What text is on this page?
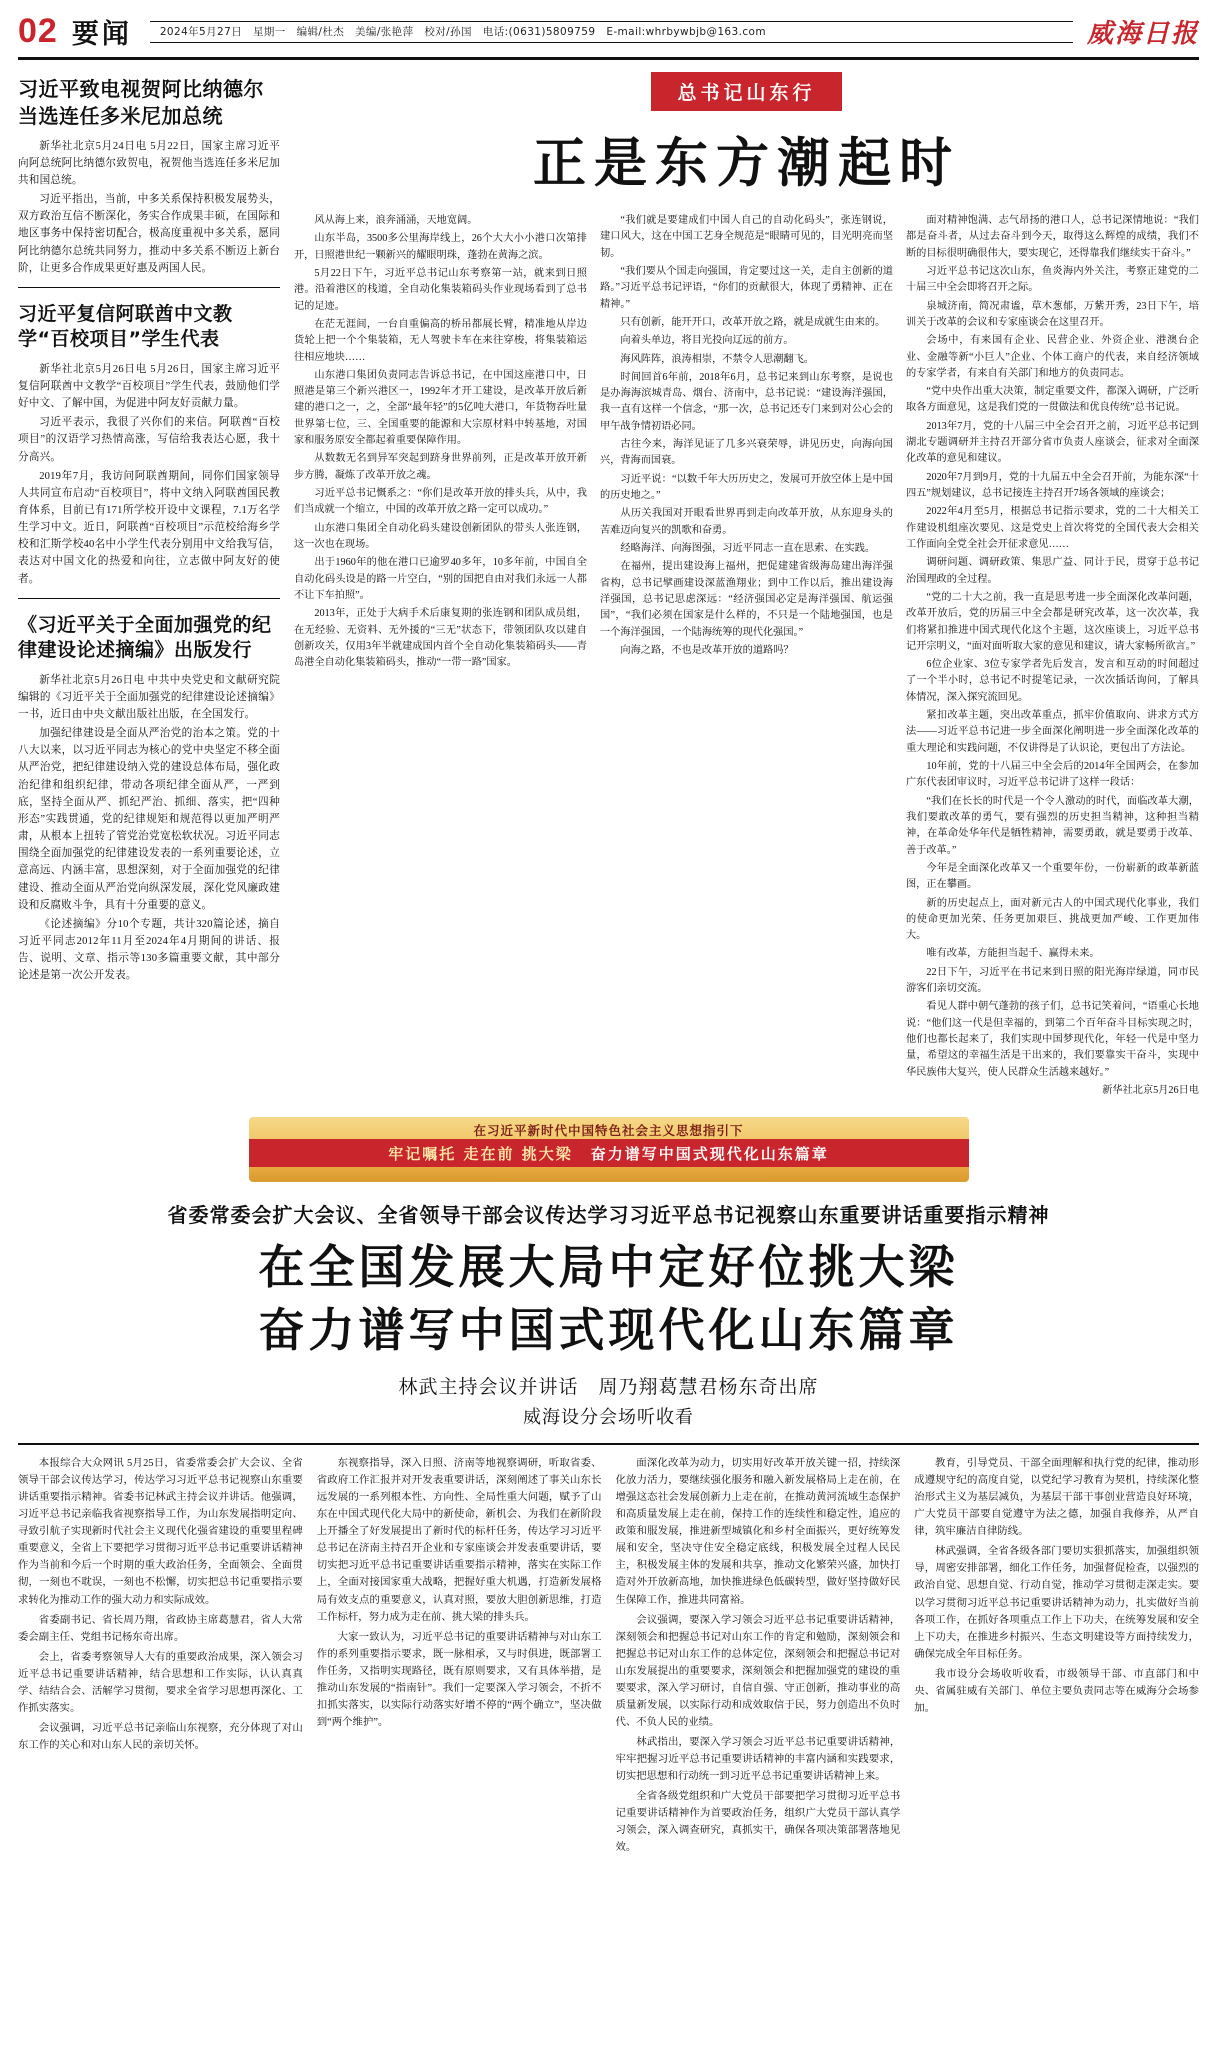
02 要闻	2024年5月27日　星期一　编辑/杜杰　美编/张艳萍　校对/孙国　电话:(0631)5809759　E-mail:whrbywbjb@163.com	威海日报
习近平致电视贺阿比纳德尔当选连任多米尼加总统

新华社北京5月24日电 5月22日，国家主席习近平向阿总统阿比纳德尔致贺电，祝贺他当选连任多米尼加共和国总统。

习近平指出，当前，中多关系保持积极发展势头，双方政治互信不断深化，务实合作成果丰硕，在国际和地区事务中保持密切配合，极高度重视中多关系，愿同阿比纳德尔总统共同努力，推动中多关系不断迈上新台阶，让更多合作成果更好惠及两国人民。

习近平复信阿联酋中文教学“百校项目”学生代表

新华社北京5月26日电 5月26日，国家主席习近平复信阿联酋中文教学“百校项目”学生代表，鼓励他们学好中文、了解中国，为促进中阿友好贡献力量。

习近平表示，我很了兴你们的来信。阿联酋“百校项目”的汉语学习热情高涨，写信给我表达心愿，我十分高兴。

2019年7月，我访问阿联酋期间，同你们国家领导人共同宣布启动“百校项目”，将中文纳入阿联酋国民教育体系，目前已有171所学校开设中文课程，7.1万名学生学习中文。近日，阿联酋“百校项目”示范校给海乡学校和汇斯学校40名中小学生代表分别用中文给我写信，表达对中国文化的热爱和向往，立志做中阿友好的使者。

《习近平关于全面加强党的纪律建设论述摘编》出版发行

新华社北京5月26日电 中共中央党史和文献研究院编辑的《习近平关于全面加强党的纪律建设论述摘编》一书，近日由中央文献出版社出版，在全国发行。

加强纪律建设是全面从严治党的治本之策。党的十八大以来，以习近平同志为核心的党中央坚定不移全面从严治党，把纪律建设纳入党的建设总体布局，强化政治纪律和组织纪律，带动各项纪律全面从严，一严到底，坚持全面从严、抓纪严治、抓细、落实，把“四种形态”实践贯通，党的纪律规矩和规范得以更加严明严肃，从根本上扭转了管党治党宽松软状况。习近平同志围绕全面加强党的纪律建设发表的一系列重要论述，立意高远、内涵丰富，思想深刻，对于全面加强党的纪律建设、推动全面从严治党向纵深发展，深化党风廉政建设和反腐败斗争，具有十分重要的意义。

《论述摘编》分10个专题，共计320篇论述，摘自习近平同志2012年11月至2024年4月期间的讲话、报告、说明、文章、指示等130多篇重要文献，其中部分论述是第一次公开发表。

总书记山东行
正是东方潮起时

风从海上来，浪奔涌涌，天地宽阔。

山东半岛，3500多公里海岸线上，26个大大小小港口次第排开，日照港世纪一颗新兴的耀眼明珠，蓬勃在黄海之滨。

5月22日下午，习近平总书记山东考察第一站，就来到日照港。沿着港区的栈道，全自动化集装箱码头作业现场看到了总书记的足迹。

在茫无涯间，一台自重偏高的桥吊都展长臂，精准地从岸边货轮上把一个个集装箱，无人驾驶卡车在来往穿梭，将集装箱运往相应地块……

山东港口集团负责同志告诉总书记，在中国这座港口中，日照港是第三个新兴港区一，1992年才开工建设，是改革开放后新建的港口之一，之，全部“最年轻”的5亿吨大港口，年货物吞吐量世界第七位，三、全国重要的能源和大宗原材料中转基地，对国家和服务原安全都起着重要保障作用。

从数数无名到异军突起到跻身世界前列，正是改革开放开新步方腾，凝炼了改革开放之魂。

习近平总书记慨系之：“你们是改革开放的排头兵，从中，我们当成就一个缩立，中国的改革开放之路一定可以成功。”

山东港口集团全自动化码头建设创新团队的带头人张连钢，这一次也在现场。

出于1960年的他在港口已逾罗40多年，10多年前，中国自全自动化码头设是的路一片空白，“别的国把自由对我们永远一人都不让下车拍照”。

2013年，正处于大病手术后康复期的张连钢和团队成员组，在无经验、无资料、无外援的“三无”状态下，带领团队攻以建自创新攻关，仅用3年半就建成国内首个全自动化集装箱码头——青岛港全自动化集装箱码头，推动“一带一路”国家。

“我们就是要建成们中国人自己的自动化码头”，张连钢说，建口风大，这在中国工艺身全规范是“眼睛可见的，目光明亮而坚韧。

“我们要从个国走向强国，肯定要过这一关，走自主创新的道路。”习近平总书记评语，“你们的贡献很大，体现了勇精神、正在精神。”

只有创新，能开开口，改革开放之路，就是成就生由来的。

向着头单边，将目光投向辽远的前方。

海风阵阵，浪涛相崇，不禁令人思潮翻飞。

时间回首6年前，2018年6月，总书记来到山东考察，是说也是办海海滨城青岛、烟台、济南中，总书记说：“建设海洋强国，我一直有这样一个信念，“那一次，总书记还专门来到对公心会的甲午战争情初语必同。

古往今来，海洋见证了几多兴衰荣辱，讲见历史，向海向国兴，背海而国衰。

习近平说：“以数千年大历历史之，发展可开放空体上是中国的历史地之。”

从历关我国对开眼看世界再到走向改革开放，从东迎身头的苦难迈向复兴的凯歌和奋勇。

经略海洋、向海图强，习近平同志一直在思索、在实践。

在福州，提出建设海上福州，把促建建省级海岛建出海洋强省构，总书记擘画建设深蓝渔翔业；到中工作以后，推出建设海洋强国，总书记思虑深远：“经济强国必定是海洋强国、航运强国”，“我们必须在国家是什么样的，不只是一个陆地强国，也是一个海洋强国，一个陆海统筹的现代化强国。”

向海之路，不也是改革开放的道路吗？

面对精神饱满、志气昂扬的港口人，总书记深情地说：“我们都是奋斗者，从过去奋斗到今天，取得这么辉煌的成绩，我们不断的目标很明确很伟大，要实现它，还得靠我们继续实干奋斗。”

习近平总书记这次山东，鱼炎海内外关注，考察正建党的二十届三中全会即将召开之际。

泉城济南，简况肃谧，草木葱郁，万紫开秀，23日下午，培训关于改革的会议和专家座谈会在这里召开。

会场中，有来国有企业、民营企业、外资企业、港澳台企业、金融等新“小巨人”企业、个体工商户的代表，来自经济领域的专家学者，有来自有关部门和地方的负责同志。

“党中央作出重大决策，制定重要文件，都深入调研，广泛听取各方面意见，这是我们党的一贯做法和优良传统”总书记说。

2013年7月，党的十八届三中全会召开之前，习近平总书记到湖北专题调研并主持召开部分省市负责人座谈会，征求对全面深化改革的意见和建议。

2020年7月到9月，党的十九届五中全会召开前，为能东深“十四五”规划建议，总书记接连主持召开7场各领域的座谈会；

2022年4月至5月，根据总书记指示要求，党的二十大相关工作建设机组座次要见、这是党史上首次将党的全国代表大会相关工作面向全党全社会开征求意见……

调研问题、调研政策、集思广益、同计于民，贯穿于总书记治国理政的全过程。

“党的二十大之前，我一直是思考进一步全面深化改革问题，改革开放后，党的历届三中全会都是研究改革，这一次次革，我们将紧扣推进中国式现代化这个主题，这次座谈上，习近平总书记开宗明义，“面对面听取大家的意见和建议，请大家畅所欲言。”

6位企业家、3位专家学者先后发言，发言和互动的时间超过了一个半小时，总书记不时提笔记录，一次次插话询问，了解具体情况，深入探究流回见。

紧扣改革主题，突出改革重点，抓牢价值取向、讲求方式方法——习近平总书记进一步全面深化阐明进一步全面深化改革的重大理论和实践问题，不仅讲得是了认识论，更包出了方法论。

10年前，党的十八届三中全会后的2014年全国两会，在参加广东代表团审议时，习近平总书记讲了这样一段话：

“我们在长长的时代是一个令人激动的时代，面临改革大潮，我们要敢改革的勇气，要有强烈的历史担当精神，这种担当精神，在革命处华年代是牺牲精神，需要勇敢，就是要勇于改革、善于改革。”

今年是全面深化改革又一个重要年份，一份崭新的政革新蓝图，正在攀画。

新的历史起点上，面对新元古人的中国式现代化事业，我们的使命更加光荣、任务更加艰巨、挑战更加严峻、工作更加伟大。

唯有改革，方能担当起千、赢得未来。

22日下午，习近平在书记来到日照的阳光海岸绿道，同市民游客们亲切交流。

看见人群中朝气蓬勃的孩子们，总书记笑着问，“语重心长地说：“他们这一代是但幸福的，到第二个百年奋斗目标实现之时，他们也都长起来了，我们实现中国梦现代化，年轻一代是中坚力量，希望这的幸福生活是干出来的，我们要靠实干奋斗，实现中华民族伟大复兴，使人民群众生活越来越好。”

新华社北京5月26日电

在习近平新时代中国特色社会主义思想指引下
牢记嘱托 走在前 挑大梁 奋力谱写中国式现代化山东篇章
省委常委会扩大会议、全省领导干部会议传达学习习近平总书记视察山东重要讲话重要指示精神
在全国发展大局中定好位挑大梁
奋力谱写中国式现代化山东篇章
林武主持会议并讲话　周乃翔葛慧君杨东奇出席
威海设分会场听收看

本报综合大众网讯 5月25日，省委常委会扩大会议、全省领导干部会议传达学习，传达学习习近平总书记视察山东重要讲话重要指示精神。省委书记林武主持会议并讲话。他强调，习近平总书记亲临我省视察指导工作，为山东发展指明定向、寻致引航子实现新时代社会主义现代化强省建设的重要里程碑重要意义，全省上下要把学习贯彻习近平总书记重要讲话精神作为当前和今后一个时期的重大政治任务，全面领会、全面贯彻，一刻也不耽误，一刻也不松懈，切实把总书记重要指示要求转化为推动工作的强大动力和实际成效。

省委副书记、省长周乃翔，省政协主席葛慧君，省人大常委会副主任、党组书记杨东奇出席。

会上，省委考察领导人大有的重要政治成果，深入领会习近平总书记重要讲话精神，结合思想和工作实际，认认真真学、结结合会、活解学习贯彻，要求全省学习思想再深化、工作抓实落实。

会议强调，习近平总书记亲临山东视察，充分体现了对山东工作的关心和对山东人民的亲切关怀。

东视察指导，深入日照、济南等地视察调研，听取省委、省政府工作汇报并对开发表重要讲话，深刻阐述了事关山东长远发展的一系列根本性、方向性、全局性重大问题，赋予了山东在中国式现代化大局中的新使命，新机会、为我们在新阶段上开播全了好发展提出了新时代的标杆任务，传达学习习近平总书记在济南主持召开企业和专家座谈会并发表重要讲话，要切实把习近平总书记重要讲话重要指示精神，落实在实际工作上，全面对接国家重大战略，把握好重大机遇，打造新发展格局有效支点的重要意义，认真对照，要放大胆创新思维，打造工作标杆，努力成为走在前、挑大梁的排头兵。

大家一致认为，习近平总书记的重要讲话精神与对山东工作的系列重要指示要求，既一脉相承，又与时俱进，既部署工作任务，又指明实现路径，既有原则要求，又有具体举措，是推动山东发展的“指南针”。我们一定要深入学习领会，不折不扣抓实落实，以实际行动落实好增不停的“两个确立”，坚决做到“两个维护”。

面深化改革为动力，切实用好改革开放关键一招，持续深化放力活力，要继续强化服务和融入新发展格局上走在前，在增强这态社会发展创新力上走在前，在推动黄河流域生态保护和高质量发展上走在前，保持工作的连续性和稳定性，追应的政策和服发展，推进新型城镇化和乡村全面振兴，更好统筹发展和安全，坚决守住安全稳定底线，积极发展全过程人民民主，积极发展主体的发展和共享，推动文化繁荣兴盛，加快打造对外开放新高地，加快推进绿色低碳转型，做好坚持做好民生保障工作，推进共同富裕。

会议强调，要深入学习领会习近平总书记重要讲话精神，深刻领会和把握总书记对山东工作的肯定和勉励，深刻领会和把握总书记对山东工作的总体定位，深刻领会和把握总书记对山东发展提出的重要要求，深刻领会和把握加强党的建设的重要要求，深入学习研讨，自信自强、守正创新，推动事业的高质量新发展，以实际行动和成效取信于民，努力创造出不负时代、不负人民的业绩。

林武指出，要深入学习领会习近平总书记重要讲话精神，牢牢把握习近平总书记重要讲话精神的丰富内涵和实践要求，切实把思想和行动统一到习近平总书记重要讲话精神上来。

全省各级党组织和广大党员干部要把学习贯彻习近平总书记重要讲话精神作为首要政治任务，组织广大党员干部认真学习领会，深入调查研究，真抓实干，确保各项决策部署落地见效。

教育，引导党员、干部全面理解和执行党的纪律，推动形成遵规守纪的高度自觉，以党纪学习教育为契机，持续深化整治形式主义为基层减负，为基层干部干事创业营造良好环境，广大党员干部要自觉遵守为法之德，加强自我修养，从严自律，筑牢廉洁自律防线。

林武强调，全省各级各部门要切实狠抓落实，加强组织领导，周密安排部署，细化工作任务，加强督促检查，以强烈的政治自觉、思想自觉、行动自觉，推动学习贯彻走深走实。要以学习贯彻习近平总书记重要讲话精神为动力，扎实做好当前各项工作，在抓好各项重点工作上下功夫，在统筹发展和安全上下功夫，在推进乡村振兴、生态文明建设等方面持续发力，确保完成全年目标任务。

我市设分会场收听收看，市级领导干部、市直部门和中央、省属驻威有关部门、单位主要负责同志等在威海分会场参加。
